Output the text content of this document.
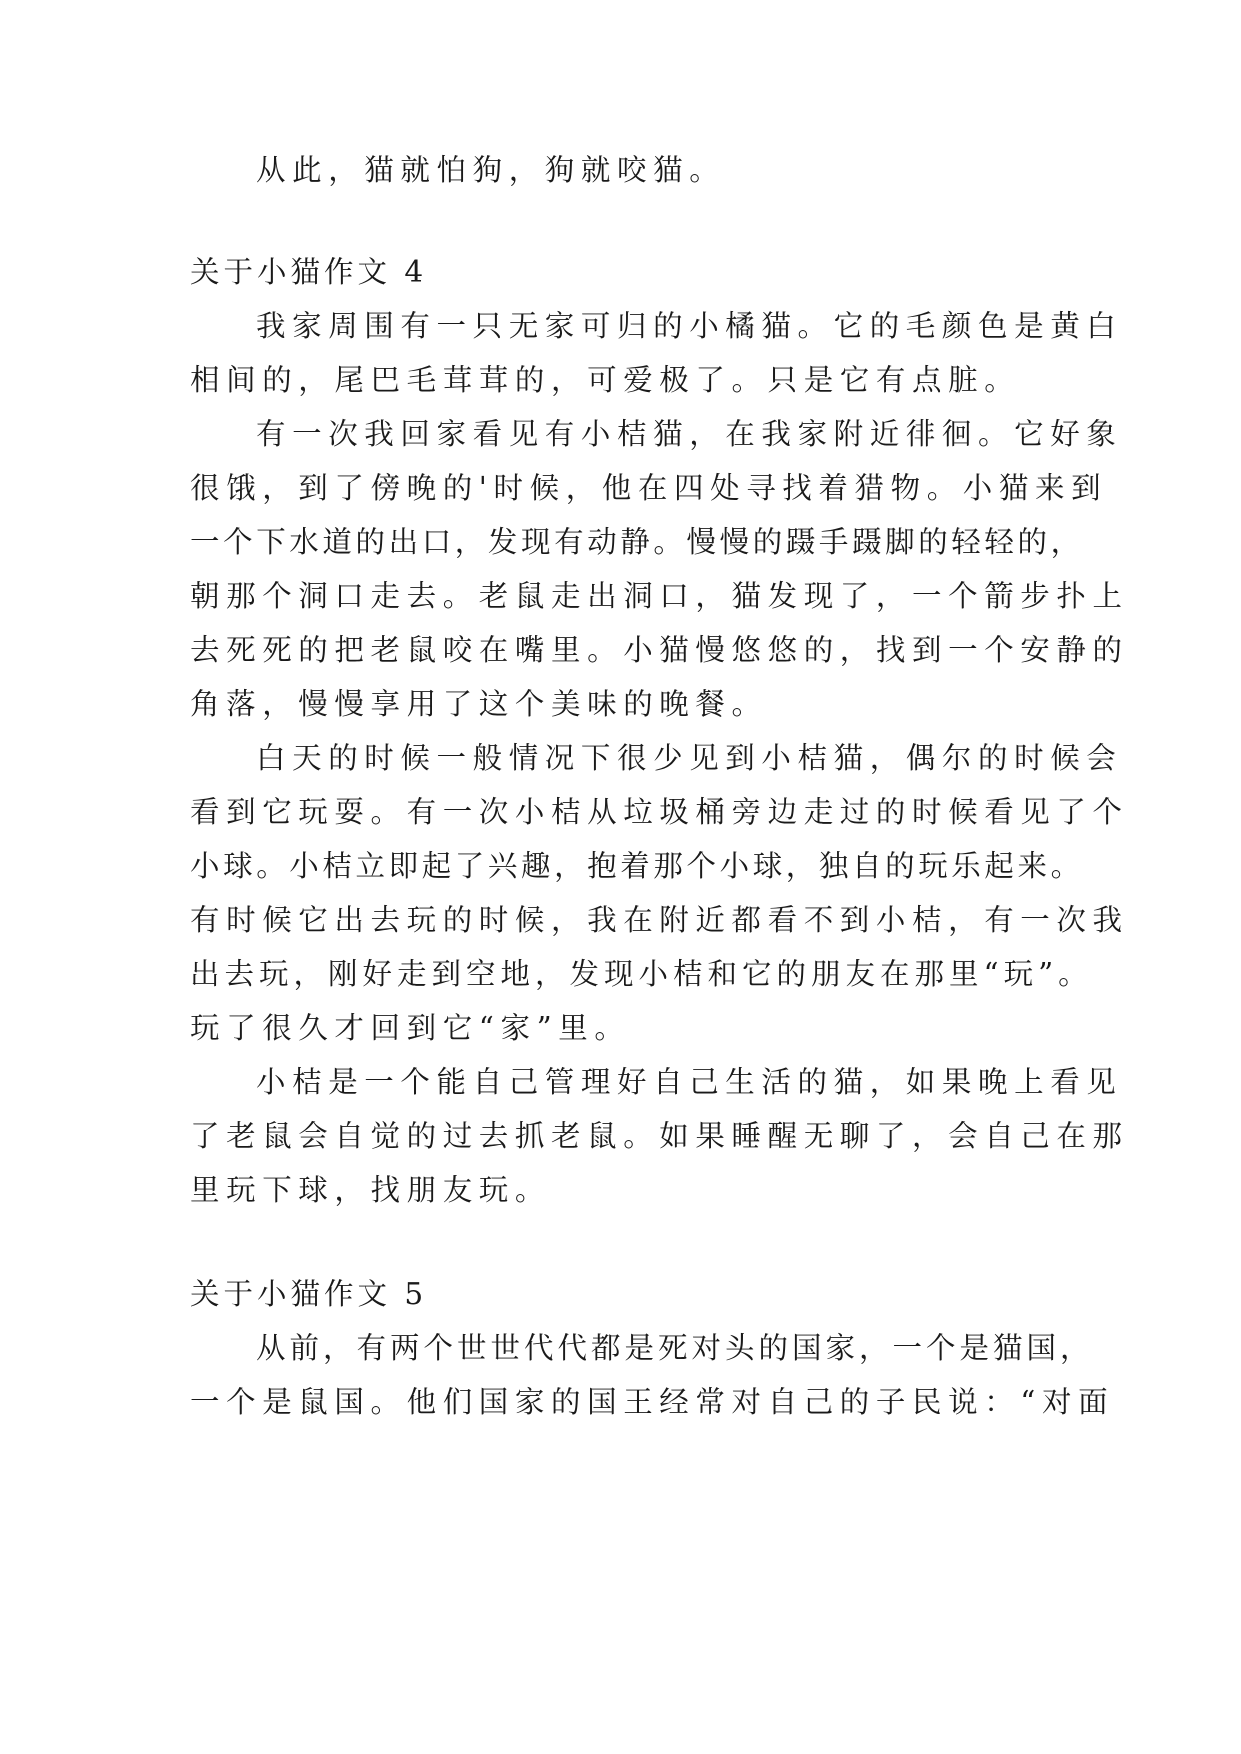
从此，猫就怕狗，狗就咬猫。
关于小猫作文 4
我家周围有一只无家可归的小橘猫。它的毛颜色是黄白
相间的，尾巴毛茸茸的，可爱极了。只是它有点脏。
有一次我回家看见有小桔猫，在我家附近徘徊。它好象
很饿，到了傍晚的'时候，他在四处寻找着猎物。小猫来到
一个下水道的出口，发现有动静。慢慢的蹑手蹑脚的轻轻的，
朝那个洞口走去。老鼠走出洞口，猫发现了，一个箭步扑上
去死死的把老鼠咬在嘴里。小猫慢悠悠的，找到一个安静的
角落，慢慢享用了这个美味的晚餐。
白天的时候一般情况下很少见到小桔猫，偶尔的时候会
看到它玩耍。有一次小桔从垃圾桶旁边走过的时候看见了个
小球。小桔立即起了兴趣，抱着那个小球，独自的玩乐起来。
有时候它出去玩的时候，我在附近都看不到小桔，有一次我
出去玩，刚好走到空地，发现小桔和它的朋友在那里“玩”。
玩了很久才回到它“家”里。
小桔是一个能自己管理好自己生活的猫，如果晚上看见
了老鼠会自觉的过去抓老鼠。如果睡醒无聊了，会自己在那
里玩下球，找朋友玩。
关于小猫作文 5
从前，有两个世世代代都是死对头的国家，一个是猫国，
一个是鼠国。他们国家的国王经常对自己的子民说：“对面
